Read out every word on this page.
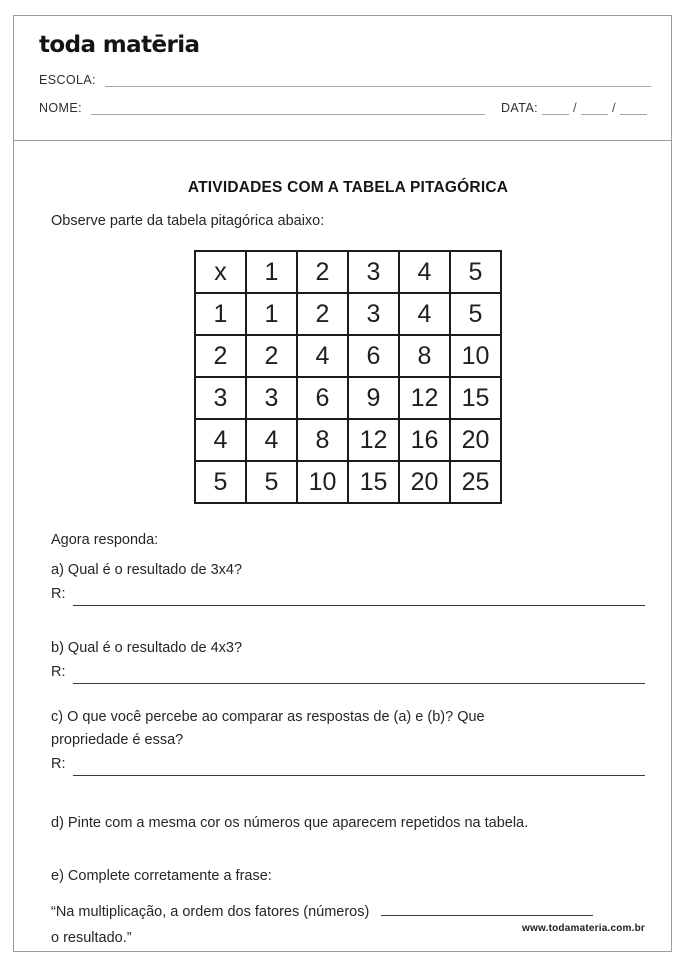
toda matēria
ESCOLA:
NOME:	DATA:	/	/
ATIVIDADES COM A TABELA PITAGÓRICA

Observe parte da tabela pitagórica abaixo:

x	1	2	3	4	5
1	1	2	3	4	5
2	2	4	6	8	10
3	3	6	9	12	15
4	4	8	12	16	20
5	5	10	15	20	25

Agora responda:

a) Qual é o resultado de 3x4?

R:

b) Qual é o resultado de 4x3?

R:

c) O que você percebe ao comparar as respostas de (a) e (b)? Que
propriedade é essa?

R:

d) Pinte com a mesma cor os números que aparecem repetidos na tabela.

e) Complete corretamente a frase:

“Na multiplicação, a ordem dos fatores (números)
o resultado.”

www.todamateria.com.br
